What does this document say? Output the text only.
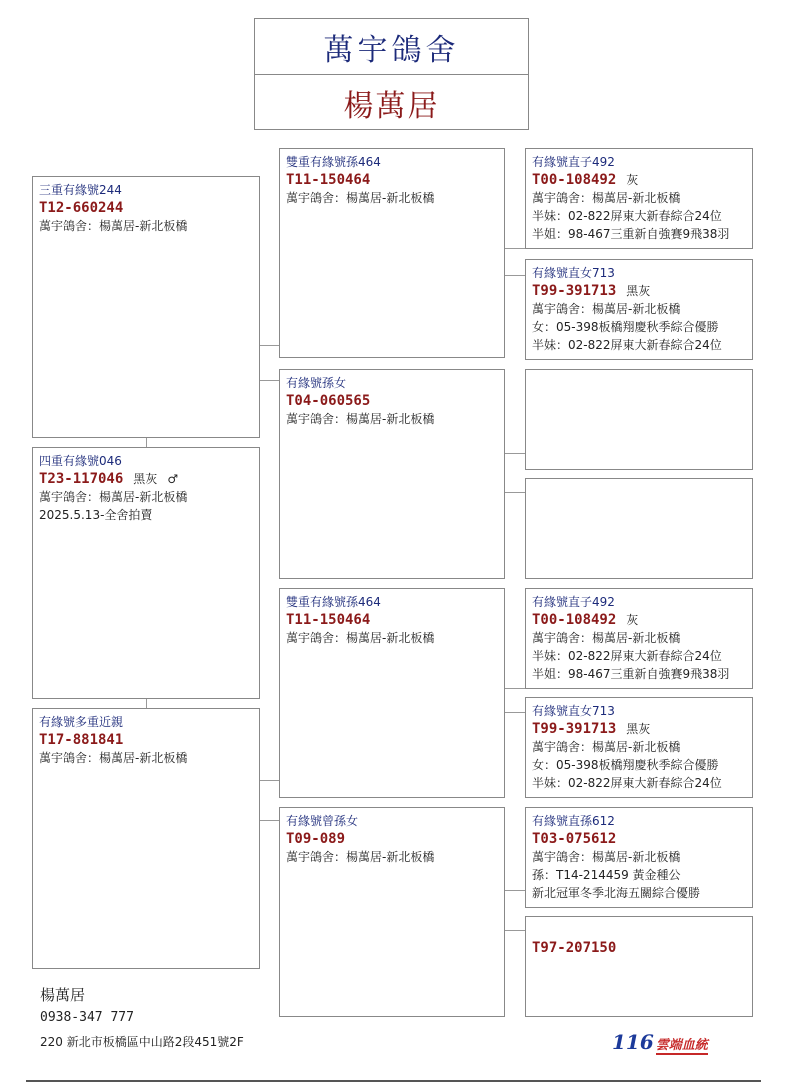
萬宇鴿舍
楊萬居
三重有緣號244
T12-660244
萬宇鴿舍：楊萬居-新北板橋
四重有緣號046
T23-117046 黑灰 ♂
萬宇鴿舍：楊萬居-新北板橋
2025.5.13-全舍拍賣
有緣號多重近親
T17-881841
萬宇鴿舍：楊萬居-新北板橋
雙重有緣號孫464
T11-150464
萬宇鴿舍：楊萬居-新北板橋
有緣號孫女
T04-060565
萬宇鴿舍：楊萬居-新北板橋
雙重有緣號孫464
T11-150464
萬宇鴿舍：楊萬居-新北板橋
有緣號曾孫女
T09-089
萬宇鴿舍：楊萬居-新北板橋
有緣號直子492
T00-108492 灰
萬宇鴿舍：楊萬居-新北板橋
半妹：02-822屏東大新春綜合24位
半姐：98-467三重新自強賽9飛38羽
有緣號直女713
T99-391713 黑灰
萬宇鴿舍：楊萬居-新北板橋
女：05-398板橋翔慶秋季綜合優勝
半妹：02-822屏東大新春綜合24位
有緣號直子492
T00-108492 灰
萬宇鴿舍：楊萬居-新北板橋
半妹：02-822屏東大新春綜合24位
半姐：98-467三重新自強賽9飛38羽
有緣號直女713
T99-391713 黑灰
萬宇鴿舍：楊萬居-新北板橋
女：05-398板橋翔慶秋季綜合優勝
半妹：02-822屏東大新春綜合24位
有緣號直孫612
T03-075612
萬宇鴿舍：楊萬居-新北板橋
孫：T14-214459 黃金種公
新北冠軍冬季北海五關綜合優勝
T97-207150
楊萬居
0938-347 777
220 新北市板橋區中山路2段451號2F	116 雲端血統
